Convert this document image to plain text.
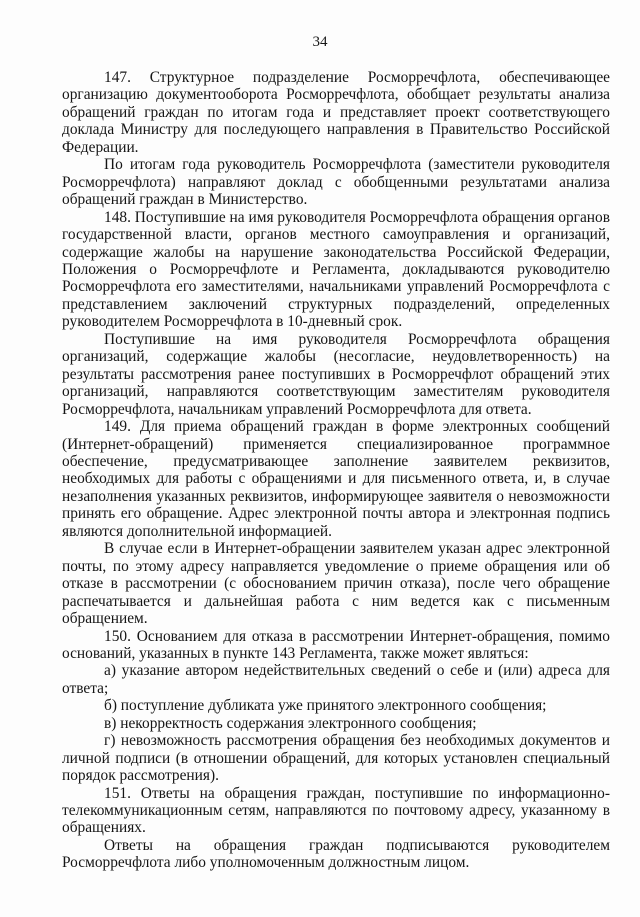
34

147. Структурное подразделение Росморречфлота, обеспечивающее организацию документооборота Росморречфлота, обобщает результаты анализа обращений граждан по итогам года и представляет проект соответствующего доклада Министру для последующего направления в Правительство Российской Федерации.

По итогам года руководитель Росморречфлота (заместители руководителя Росморречфлота) направляют доклад с обобщенными результатами анализа обращений граждан в Министерство.

148. Поступившие на имя руководителя Росморречфлота обращения органов государственной власти, органов местного самоуправления и организаций, содержащие жалобы на нарушение законодательства Российской Федерации, Положения о Росморречфлоте и Регламента, докладываются руководителю Росморречфлота его заместителями, начальниками управлений Росморречфлота с представлением заключений структурных подразделений, определенных руководителем Росморречфлота в 10-дневный срок.

Поступившие на имя руководителя Росморречфлота обращения организаций, содержащие жалобы (несогласие, неудовлетворенность) на результаты рассмотрения ранее поступивших в Росморречфлот обращений этих организаций, направляются соответствующим заместителям руководителя Росморречфлота, начальникам управлений Росморречфлота для ответа.

149. Для приема обращений граждан в форме электронных сообщений (Интернет-обращений) применяется специализированное программное обеспечение, предусматривающее заполнение заявителем реквизитов, необходимых для работы с обращениями и для письменного ответа, и, в случае незаполнения указанных реквизитов, информирующее заявителя о невозможности принять его обращение. Адрес электронной почты автора и электронная подпись являются дополнительной информацией.

В случае если в Интернет-обращении заявителем указан адрес электронной почты, по этому адресу направляется уведомление о приеме обращения или об отказе в рассмотрении (с обоснованием причин отказа), после чего обращение распечатывается и дальнейшая работа с ним ведется как с письменным обращением.

150. Основанием для отказа в рассмотрении Интернет-обращения, помимо оснований, указанных в пункте 143 Регламента, также может являться:

а) указание автором недействительных сведений о себе и (или) адреса для ответа;

б) поступление дубликата уже принятого электронного сообщения;

в) некорректность содержания электронного сообщения;

г) невозможность рассмотрения обращения без необходимых документов и личной подписи (в отношении обращений, для которых установлен специальный порядок рассмотрения).

151. Ответы на обращения граждан, поступившие по информационно-телекоммуникационным сетям, направляются по почтовому адресу, указанному в обращениях.

Ответы на обращения граждан подписываются руководителем Росморречфлота либо уполномоченным должностным лицом.
